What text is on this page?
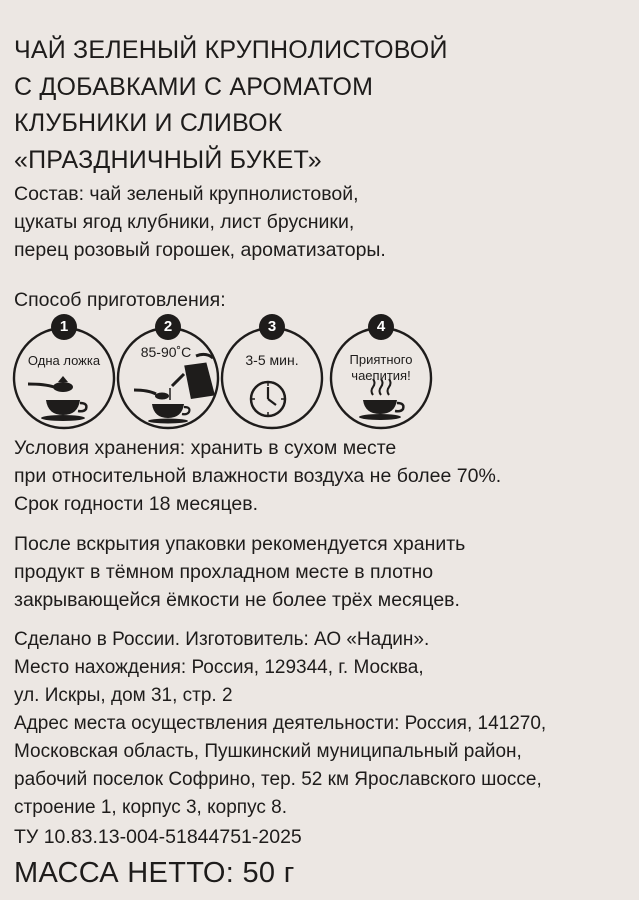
ЧАЙ ЗЕЛЕНЫЙ КРУПНОЛИСТОВОЙ
С ДОБАВКАМИ С АРОМАТОМ
КЛУБНИКИ И СЛИВОК
«ПРАЗДНИЧНЫЙ БУКЕТ»
Состав: чай зеленый крупнолистовой,
цукаты ягод клубники, лист брусники,
перец розовый горошек, ароматизаторы.
Способ приготовления:
1	2	3	4
Одна ложка
85-90˚C	3-5 мин.	Приятного
чаепития!
Условия хранения: хранить в сухом месте
при относительной влажности воздуха не более 70%.
Срок годности 18 месяцев.
После вскрытия упаковки рекомендуется хранить
продукт в тёмном прохладном месте в плотно
закрывающейся ёмкости не более трёх месяцев.
Сделано в России. Изготовитель: АО «Надин».
Место нахождения: Россия, 129344, г. Москва,
ул. Искры, дом 31, стр. 2
Адрес места осуществления деятельности: Россия, 141270,
Московская область, Пушкинский муниципальный район,
рабочий поселок Софрино, тер. 52 км Ярославского шоссе,
строение 1, корпус 3, корпус 8.
ТУ 10.83.13-004-51844751-2025
МАССА НЕТТО: 50 г
